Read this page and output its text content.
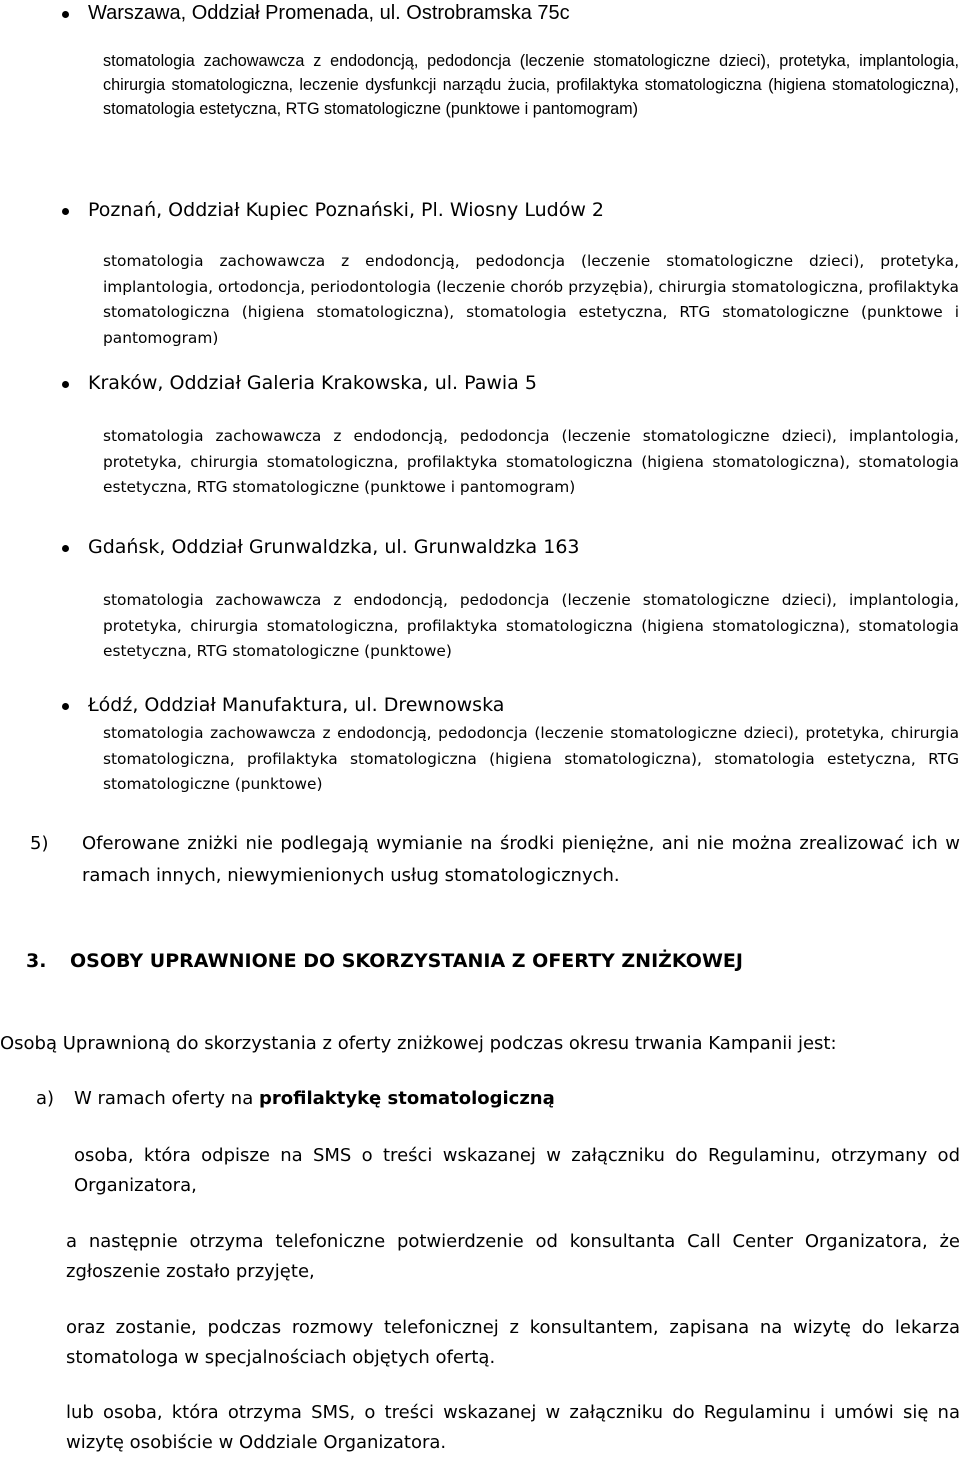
Warszawa, Oddział Promenada, ul. Ostrobramska 75c
stomatologia zachowawcza z endodoncją, pedodoncja (leczenie stomatologiczne dzieci), protetyka, implantologia, chirurgia stomatologiczna, leczenie dysfunkcji narządu żucia, profilaktyka stomatologiczna (higiena stomatologiczna), stomatologia estetyczna, RTG stomatologiczne (punktowe i pantomogram)
Poznań, Oddział Kupiec Poznański, Pl. Wiosny Ludów 2
stomatologia zachowawcza z endodoncją, pedodoncja (leczenie stomatologiczne dzieci), protetyka, implantologia, ortodoncja, periodontologia (leczenie chorób przyzębia), chirurgia stomatologiczna, profilaktyka stomatologiczna (higiena stomatologiczna), stomatologia estetyczna, RTG stomatologiczne (punktowe i pantomogram)
Kraków, Oddział Galeria Krakowska, ul. Pawia 5
stomatologia zachowawcza z endodoncją, pedodoncja (leczenie stomatologiczne dzieci), implantologia, protetyka, chirurgia stomatologiczna, profilaktyka stomatologiczna (higiena stomatologiczna), stomatologia estetyczna, RTG stomatologiczne (punktowe i pantomogram)
Gdańsk, Oddział Grunwaldzka, ul. Grunwaldzka 163
stomatologia zachowawcza z endodoncją, pedodoncja (leczenie stomatologiczne dzieci), implantologia, protetyka, chirurgia stomatologiczna, profilaktyka stomatologiczna (higiena stomatologiczna), stomatologia estetyczna, RTG stomatologiczne (punktowe)
Łódź, Oddział Manufaktura, ul. Drewnowska
stomatologia zachowawcza z endodoncją, pedodoncja (leczenie stomatologiczne dzieci), protetyka, chirurgia stomatologiczna, profilaktyka stomatologiczna (higiena stomatologiczna), stomatologia estetyczna, RTG stomatologiczne (punktowe)
5) Oferowane zniżki nie podlegają wymianie na środki pieniężne, ani nie można zrealizować ich w ramach innych, niewymienionych usług stomatologicznych.
3. OSOBY UPRAWNIONE DO SKORZYSTANIA Z OFERTY ZNIŻKOWEJ
Osobą Uprawnioną do skorzystania z oferty zniżkowej podczas okresu trwania Kampanii jest:
a) W ramach oferty na profilaktykę stomatologiczną
osoba, która odpisze na SMS o treści wskazanej w załączniku do Regulaminu, otrzymany od Organizatora,
a następnie otrzyma telefoniczne potwierdzenie od konsultanta Call Center Organizatora, że zgłoszenie zostało przyjęte,
oraz zostanie, podczas rozmowy telefonicznej z konsultantem, zapisana na wizytę do lekarza stomatologa w specjalnościach objętych ofertą.
lub osoba, która otrzyma SMS, o treści wskazanej w załączniku do Regulaminu i umówi się na wizytę osobiście w Oddziale Organizatora.
